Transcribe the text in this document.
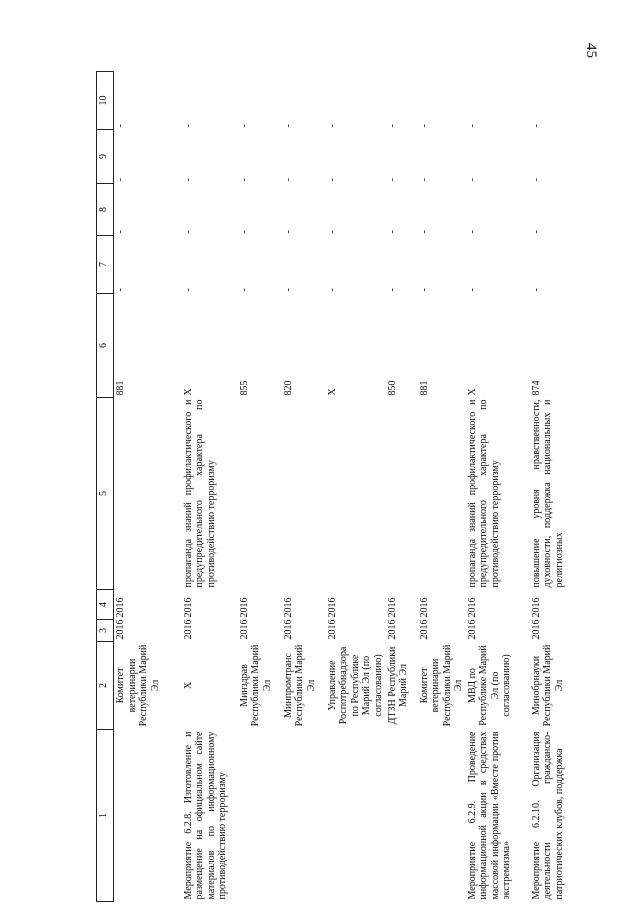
45
1	2	3	4	5	6	7	8	9	10
	Комитет ветеринарии Республики Марий Эл	2016	2016		881	-	-	-	-
Мероприятие 6.2.8. Изготовление и размещение на официальном сайте материалов по информационному противодействию терроризму	X	2016	2016	пропаганда знаний профилактического и предупредительного характера по противодействию терроризму	X	-	-	-	-
	Минздрав Республики Марий Эл	2016	2016		855	-	-	-	-
	Минпромтранс Республики Марий Эл	2016	2016		820	-	-	-	-
	Управление Роспотребнадзора по Республике Марий Эл (по согласованию)	2016	2016		X	-	-	-	-
	ДТЗН Республики Марий Эл	2016	2016		850	-	-	-	-
	Комитет ветеринарии Республики Марий Эл	2016	2016		881	-	-	-	-
Мероприятие 6.2.9. Проведение информационной акции в средствах массовой информации «Вместе против экстремизма»	МВД по Республике Марий Эл (по согласованию)	2016	2016	пропаганда знаний профилактического и предупредительного характера по противодействию терроризму	X	-	-	-	-
Мероприятие 6.2.10. Организация деятельности гражданско-патриотических клубов, поддержка	Минобрнауки Республики Марий Эл	2016	2016	повышение уровня нравственности, духовности, поддержка национальных и религиозных	874	-	-	-	-
